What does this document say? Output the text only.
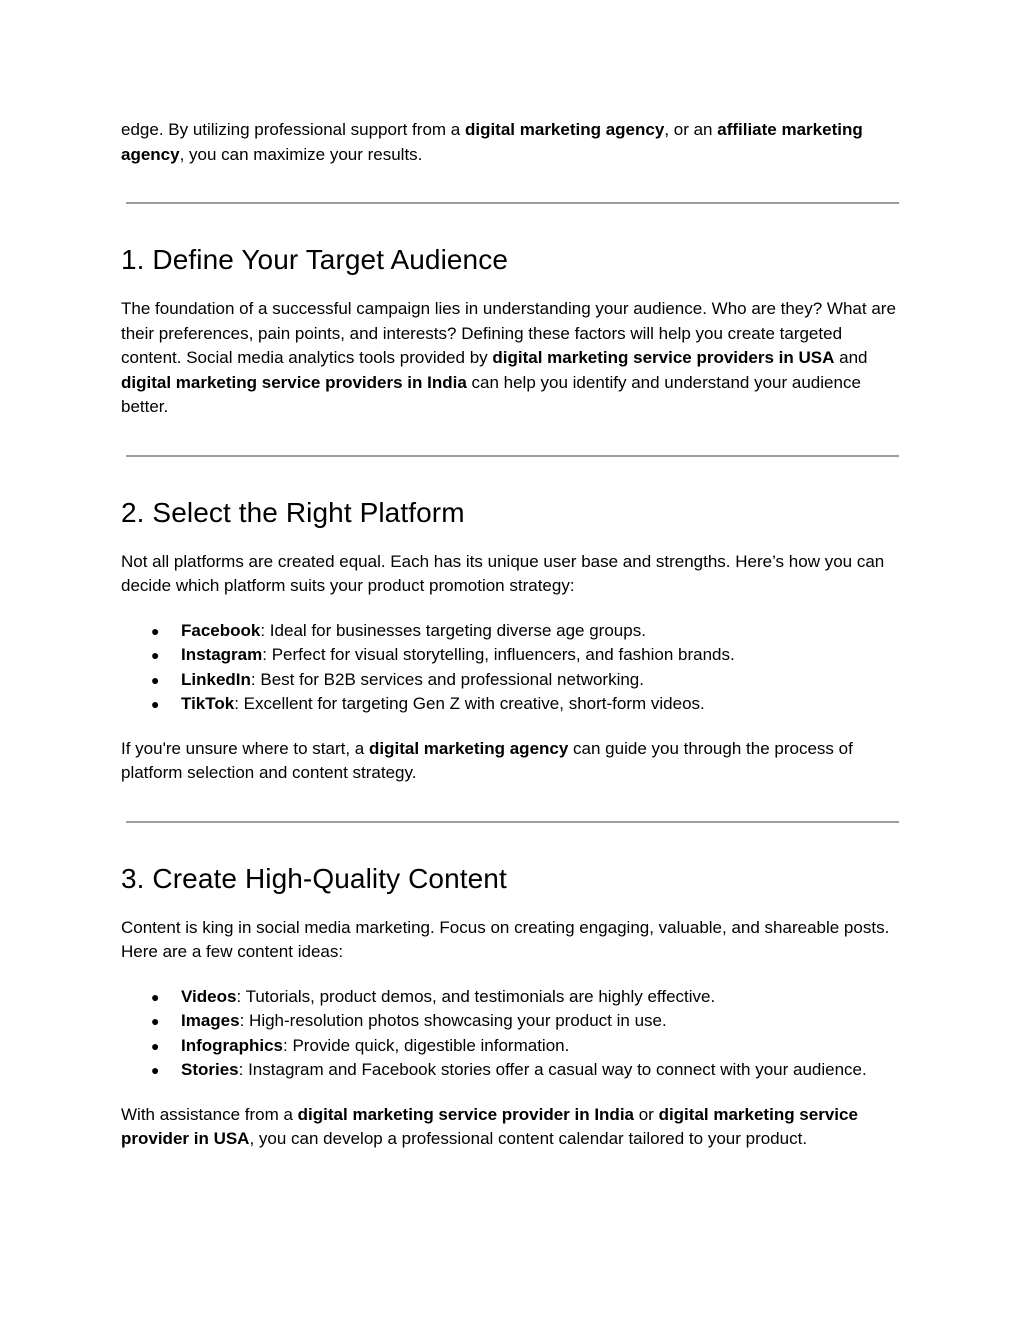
edge. By utilizing professional support from a digital marketing agency, or an affiliate marketing agency, you can maximize your results.

1. Define Your Target Audience

The foundation of a successful campaign lies in understanding your audience. Who are they? What are their preferences, pain points, and interests? Defining these factors will help you create targeted content. Social media analytics tools provided by digital marketing service providers in USA and digital marketing service providers in India can help you identify and understand your audience better.

2. Select the Right Platform

Not all platforms are created equal. Each has its unique user base and strengths. Here’s how you can decide which platform suits your product promotion strategy:

● Facebook: Ideal for businesses targeting diverse age groups.
● Instagram: Perfect for visual storytelling, influencers, and fashion brands.
● LinkedIn: Best for B2B services and professional networking.
● TikTok: Excellent for targeting Gen Z with creative, short-form videos.

If you're unsure where to start, a digital marketing agency can guide you through the process of platform selection and content strategy.

3. Create High-Quality Content

Content is king in social media marketing. Focus on creating engaging, valuable, and shareable posts. Here are a few content ideas:

● Videos: Tutorials, product demos, and testimonials are highly effective.
● Images: High-resolution photos showcasing your product in use.
● Infographics: Provide quick, digestible information.
● Stories: Instagram and Facebook stories offer a casual way to connect with your audience.

With assistance from a digital marketing service provider in India or digital marketing service provider in USA, you can develop a professional content calendar tailored to your product.
